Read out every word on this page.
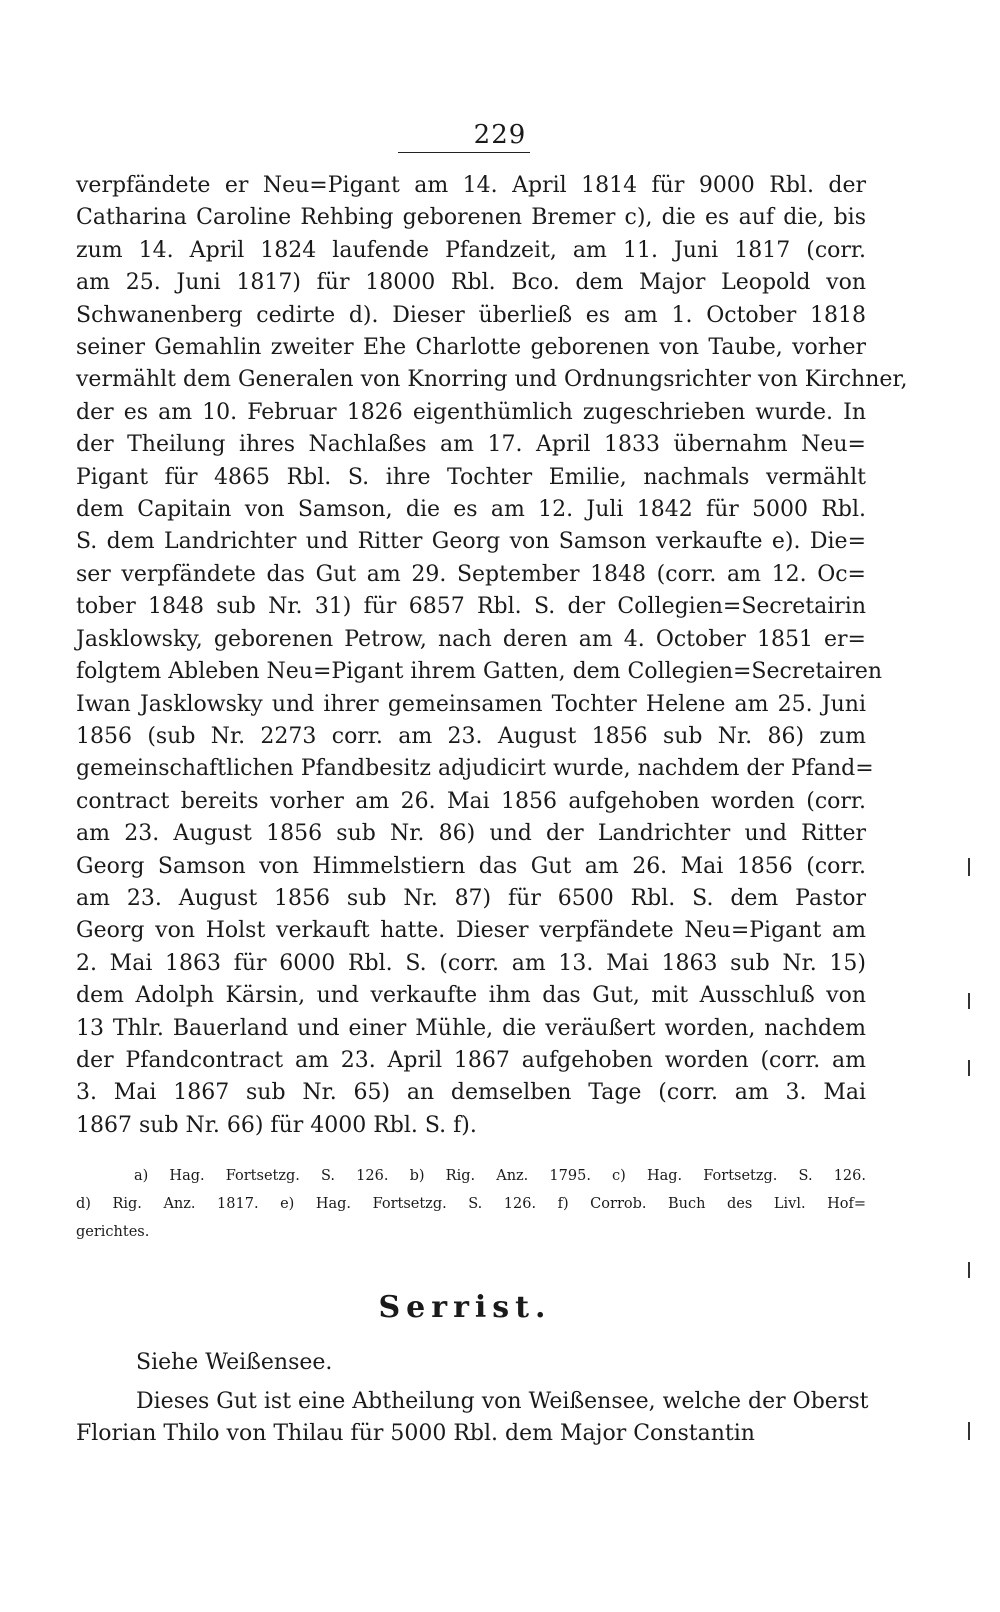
229
verpfändete er Neu=Pigant am 14. April 1814 für 9000 Rbl. der
Catharina Caroline Rehbing geborenen Bremer c), die es auf die, bis
zum 14. April 1824 laufende Pfandzeit, am 11. Juni 1817 (corr.
am 25. Juni 1817) für 18000 Rbl. Bco. dem Major Leopold von
Schwanenberg cedirte d). Dieser überließ es am 1. October 1818
seiner Gemahlin zweiter Ehe Charlotte geborenen von Taube, vorher
vermählt dem Generalen von Knorring und Ordnungsrichter von Kirchner,
der es am 10. Februar 1826 eigenthümlich zugeschrieben wurde. In
der Theilung ihres Nachlaßes am 17. April 1833 übernahm Neu=
Pigant für 4865 Rbl. S. ihre Tochter Emilie, nachmals vermählt
dem Capitain von Samson, die es am 12. Juli 1842 für 5000 Rbl.
S. dem Landrichter und Ritter Georg von Samson verkaufte e). Die=
ser verpfändete das Gut am 29. September 1848 (corr. am 12. Oc=
tober 1848 sub Nr. 31) für 6857 Rbl. S. der Collegien=Secretairin
Jasklowsky, geborenen Petrow, nach deren am 4. October 1851 er=
folgtem Ableben Neu=Pigant ihrem Gatten, dem Collegien=Secretairen
Iwan Jasklowsky und ihrer gemeinsamen Tochter Helene am 25. Juni
1856 (sub Nr. 2273 corr. am 23. August 1856 sub Nr. 86) zum
gemeinschaftlichen Pfandbesitz adjudicirt wurde, nachdem der Pfand=
contract bereits vorher am 26. Mai 1856 aufgehoben worden (corr.
am 23. August 1856 sub Nr. 86) und der Landrichter und Ritter
Georg Samson von Himmelstiern das Gut am 26. Mai 1856 (corr.
am 23. August 1856 sub Nr. 87) für 6500 Rbl. S. dem Pastor
Georg von Holst verkauft hatte. Dieser verpfändete Neu=Pigant am
2. Mai 1863 für 6000 Rbl. S. (corr. am 13. Mai 1863 sub Nr. 15)
dem Adolph Kärsin, und verkaufte ihm das Gut, mit Ausschluß von
13 Thlr. Bauerland und einer Mühle, die veräußert worden, nachdem
der Pfandcontract am 23. April 1867 aufgehoben worden (corr. am
3. Mai 1867 sub Nr. 65) an demselben Tage (corr. am 3. Mai
1867 sub Nr. 66) für 4000 Rbl. S. f).
a) Hag. Fortsetzg. S. 126. b) Rig. Anz. 1795. c) Hag. Fortsetzg. S. 126.
d) Rig. Anz. 1817. e) Hag. Fortsetzg. S. 126. f) Corrob. Buch des Livl. Hof=
gerichtes.
Serrist.

Siehe Weißensee.

Dieses Gut ist eine Abtheilung von Weißensee, welche der Oberst
Florian Thilo von Thilau für 5000 Rbl. dem Major Constantin
